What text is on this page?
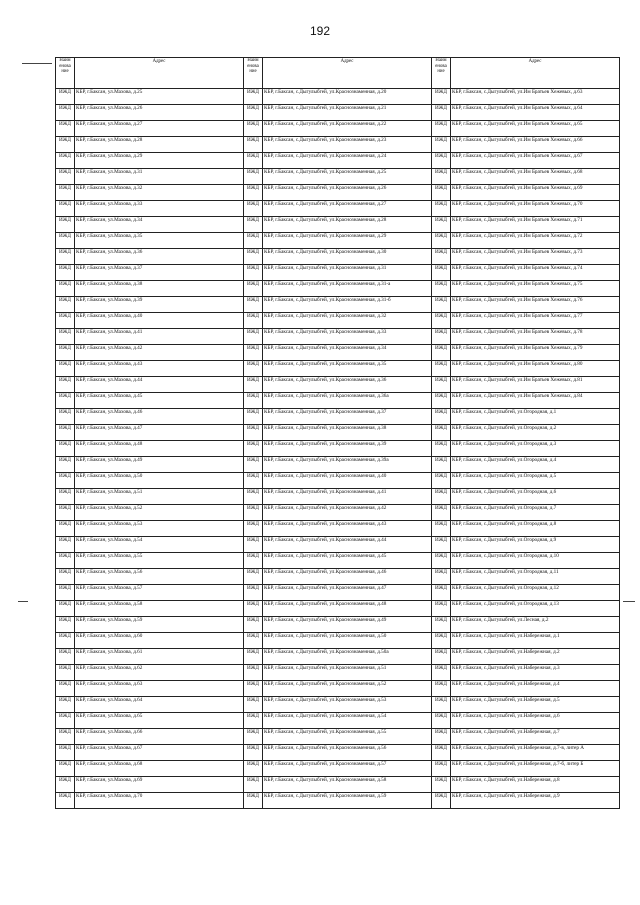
192
Наим енова ние	Адрес	Наим енова ние	Адрес	Наим енова ние	Адрес
ИЖД	КБР, г.Баксан, ул.Махова, д.25	ИЖД	КБР, г.Баксан, с.Дыгулыбгей, ул.Краснознаменная, д.20	ИЖД	КБР, г.Баксан, с.Дыгулыбгей, ул.Им Братьев Хежевых, д.63
ИЖД	КБР, г.Баксан, ул.Махова, д.26	ИЖД	КБР, г.Баксан, с.Дыгулыбгей, ул.Краснознаменная, д.21	ИЖД	КБР, г.Баксан, с.Дыгулыбгей, ул.Им Братьев Хежевых, д.64
ИЖД	КБР, г.Баксан, ул.Махова, д.27	ИЖД	КБР, г.Баксан, с.Дыгулыбгей, ул.Краснознаменная, д.22	ИЖД	КБР, г.Баксан, с.Дыгулыбгей, ул.Им Братьев Хежевых, д.65
ИЖД	КБР, г.Баксан, ул.Махова, д.28	ИЖД	КБР, г.Баксан, с.Дыгулыбгей, ул.Краснознаменная, д.23	ИЖД	КБР, г.Баксан, с.Дыгулыбгей, ул.Им Братьев Хежевых, д.66
ИЖД	КБР, г.Баксан, ул.Махова, д.29	ИЖД	КБР, г.Баксан, с.Дыгулыбгей, ул.Краснознаменная, д.24	ИЖД	КБР, г.Баксан, с.Дыгулыбгей, ул.Им Братьев Хежевых, д.67
ИЖД	КБР, г.Баксан, ул.Махова, д.31	ИЖД	КБР, г.Баксан, с.Дыгулыбгей, ул.Краснознаменная, д.25	ИЖД	КБР, г.Баксан, с.Дыгулыбгей, ул.Им Братьев Хежевых, д.68
ИЖД	КБР, г.Баксан, ул.Махова, д.32	ИЖД	КБР, г.Баксан, с.Дыгулыбгей, ул.Краснознаменная, д.26	ИЖД	КБР, г.Баксан, с.Дыгулыбгей, ул.Им Братьев Хежевых, д.69
ИЖД	КБР, г.Баксан, ул.Махова, д.33	ИЖД	КБР, г.Баксан, с.Дыгулыбгей, ул.Краснознаменная, д.27	ИЖД	КБР, г.Баксан, с.Дыгулыбгей, ул.Им Братьев Хежевых, д.70
ИЖД	КБР, г.Баксан, ул.Махова, д.34	ИЖД	КБР, г.Баксан, с.Дыгулыбгей, ул.Краснознаменная, д.28	ИЖД	КБР, г.Баксан, с.Дыгулыбгей, ул.Им Братьев Хежевых, д.71
ИЖД	КБР, г.Баксан, ул.Махова, д.35	ИЖД	КБР, г.Баксан, с.Дыгулыбгей, ул.Краснознаменная, д.29	ИЖД	КБР, г.Баксан, с.Дыгулыбгей, ул.Им Братьев Хежевых, д.72
ИЖД	КБР, г.Баксан, ул.Махова, д.36	ИЖД	КБР, г.Баксан, с.Дыгулыбгей, ул.Краснознаменная, д.30	ИЖД	КБР, г.Баксан, с.Дыгулыбгей, ул.Им Братьев Хежевых, д.73
ИЖД	КБР, г.Баксан, ул.Махова, д.37	ИЖД	КБР, г.Баксан, с.Дыгулыбгей, ул.Краснознаменная, д.31	ИЖД	КБР, г.Баксан, с.Дыгулыбгей, ул.Им Братьев Хежевых, д.74
ИЖД	КБР, г.Баксан, ул.Махова, д.38	ИЖД	КБР, г.Баксан, с.Дыгулыбгей, ул.Краснознаменная, д.31-а	ИЖД	КБР, г.Баксан, с.Дыгулыбгей, ул.Им Братьев Хежевых, д.75
ИЖД	КБР, г.Баксан, ул.Махова, д.39	ИЖД	КБР, г.Баксан, с.Дыгулыбгей, ул.Краснознаменная, д.31-б	ИЖД	КБР, г.Баксан, с.Дыгулыбгей, ул.Им Братьев Хежевых, д.76
ИЖД	КБР, г.Баксан, ул.Махова, д.40	ИЖД	КБР, г.Баксан, с.Дыгулыбгей, ул.Краснознаменная, д.32	ИЖД	КБР, г.Баксан, с.Дыгулыбгей, ул.Им Братьев Хежевых, д.77
ИЖД	КБР, г.Баксан, ул.Махова, д.41	ИЖД	КБР, г.Баксан, с.Дыгулыбгей, ул.Краснознаменная, д.33	ИЖД	КБР, г.Баксан, с.Дыгулыбгей, ул.Им Братьев Хежевых, д.78
ИЖД	КБР, г.Баксан, ул.Махова, д.42	ИЖД	КБР, г.Баксан, с.Дыгулыбгей, ул.Краснознаменная, д.34	ИЖД	КБР, г.Баксан, с.Дыгулыбгей, ул.Им Братьев Хежевых, д.79
ИЖД	КБР, г.Баксан, ул.Махова, д.43	ИЖД	КБР, г.Баксан, с.Дыгулыбгей, ул.Краснознаменная, д.35	ИЖД	КБР, г.Баксан, с.Дыгулыбгей, ул.Им Братьев Хежевых, д.80
ИЖД	КБР, г.Баксан, ул.Махова, д.44	ИЖД	КБР, г.Баксан, с.Дыгулыбгей, ул.Краснознаменная, д.36	ИЖД	КБР, г.Баксан, с.Дыгулыбгей, ул.Им Братьев Хежевых, д.81
ИЖД	КБР, г.Баксан, ул.Махова, д.45	ИЖД	КБР, г.Баксан, с.Дыгулыбгей, ул.Краснознаменная, д.36а	ИЖД	КБР, г.Баксан, с.Дыгулыбгей, ул.Им Братьев Хежевых, д.84
ИЖД	КБР, г.Баксан, ул.Махова, д.46	ИЖД	КБР, г.Баксан, с.Дыгулыбгей, ул.Краснознаменная, д.37	ИЖД	КБР, г.Баксан, с.Дыгулыбгей, ул.Огородная, д.1
ИЖД	КБР, г.Баксан, ул.Махова, д.47	ИЖД	КБР, г.Баксан, с.Дыгулыбгей, ул.Краснознаменная, д.38	ИЖД	КБР, г.Баксан, с.Дыгулыбгей, ул.Огородная, д.2
ИЖД	КБР, г.Баксан, ул.Махова, д.48	ИЖД	КБР, г.Баксан, с.Дыгулыбгей, ул.Краснознаменная, д.39	ИЖД	КБР, г.Баксан, с.Дыгулыбгей, ул.Огородная, д.3
ИЖД	КБР, г.Баксан, ул.Махова, д.49	ИЖД	КБР, г.Баксан, с.Дыгулыбгей, ул.Краснознаменная, д.39а	ИЖД	КБР, г.Баксан, с.Дыгулыбгей, ул.Огородная, д.4
ИЖД	КБР, г.Баксан, ул.Махова, д.50	ИЖД	КБР, г.Баксан, с.Дыгулыбгей, ул.Краснознаменная, д.40	ИЖД	КБР, г.Баксан, с.Дыгулыбгей, ул.Огородная, д.5
ИЖД	КБР, г.Баксан, ул.Махова, д.51	ИЖД	КБР, г.Баксан, с.Дыгулыбгей, ул.Краснознаменная, д.41	ИЖД	КБР, г.Баксан, с.Дыгулыбгей, ул.Огородная, д.6
ИЖД	КБР, г.Баксан, ул.Махова, д.52	ИЖД	КБР, г.Баксан, с.Дыгулыбгей, ул.Краснознаменная, д.42	ИЖД	КБР, г.Баксан, с.Дыгулыбгей, ул.Огородная, д.7
ИЖД	КБР, г.Баксан, ул.Махова, д.53	ИЖД	КБР, г.Баксан, с.Дыгулыбгей, ул.Краснознаменная, д.43	ИЖД	КБР, г.Баксан, с.Дыгулыбгей, ул.Огородная, д.8
ИЖД	КБР, г.Баксан, ул.Махова, д.54	ИЖД	КБР, г.Баксан, с.Дыгулыбгей, ул.Краснознаменная, д.44	ИЖД	КБР, г.Баксан, с.Дыгулыбгей, ул.Огородная, д.9
ИЖД	КБР, г.Баксан, ул.Махова, д.55	ИЖД	КБР, г.Баксан, с.Дыгулыбгей, ул.Краснознаменная, д.45	ИЖД	КБР, г.Баксан, с.Дыгулыбгей, ул.Огородная, д.10
ИЖД	КБР, г.Баксан, ул.Махова, д.56	ИЖД	КБР, г.Баксан, с.Дыгулыбгей, ул.Краснознаменная, д.46	ИЖД	КБР, г.Баксан, с.Дыгулыбгей, ул.Огородная, д.11
ИЖД	КБР, г.Баксан, ул.Махова, д.57	ИЖД	КБР, г.Баксан, с.Дыгулыбгей, ул.Краснознаменная, д.47	ИЖД	КБР, г.Баксан, с.Дыгулыбгей, ул.Огородная, д.12
ИЖД	КБР, г.Баксан, ул.Махова, д.58	ИЖД	КБР, г.Баксан, с.Дыгулыбгей, ул.Краснознаменная, д.48	ИЖД	КБР, г.Баксан, с.Дыгулыбгей, ул.Огородная, д.13
ИЖД	КБР, г.Баксан, ул.Махова, д.59	ИЖД	КБР, г.Баксан, с.Дыгулыбгей, ул.Краснознаменная, д.49	ИЖД	КБР, г.Баксан, с.Дыгулыбгей, ул.Лесная, д.2
ИЖД	КБР, г.Баксан, ул.Махова, д.60	ИЖД	КБР, г.Баксан, с.Дыгулыбгей, ул.Краснознаменная, д.50	ИЖД	КБР, г.Баксан, с.Дыгулыбгей, ул.Набережная, д.1
ИЖД	КБР, г.Баксан, ул.Махова, д.61	ИЖД	КБР, г.Баксан, с.Дыгулыбгей, ул.Краснознаменная, д.50а	ИЖД	КБР, г.Баксан, с.Дыгулыбгей, ул.Набережная, д.2
ИЖД	КБР, г.Баксан, ул.Махова, д.62	ИЖД	КБР, г.Баксан, с.Дыгулыбгей, ул.Краснознаменная, д.51	ИЖД	КБР, г.Баксан, с.Дыгулыбгей, ул.Набережная, д.3
ИЖД	КБР, г.Баксан, ул.Махова, д.63	ИЖД	КБР, г.Баксан, с.Дыгулыбгей, ул.Краснознаменная, д.52	ИЖД	КБР, г.Баксан, с.Дыгулыбгей, ул.Набережная, д.4
ИЖД	КБР, г.Баксан, ул.Махова, д.64	ИЖД	КБР, г.Баксан, с.Дыгулыбгей, ул.Краснознаменная, д.53	ИЖД	КБР, г.Баксан, с.Дыгулыбгей, ул.Набережная, д.5
ИЖД	КБР, г.Баксан, ул.Махова, д.65	ИЖД	КБР, г.Баксан, с.Дыгулыбгей, ул.Краснознаменная, д.54	ИЖД	КБР, г.Баксан, с.Дыгулыбгей, ул.Набережная, д.6
ИЖД	КБР, г.Баксан, ул.Махова, д.66	ИЖД	КБР, г.Баксан, с.Дыгулыбгей, ул.Краснознаменная, д.55	ИЖД	КБР, г.Баксан, с.Дыгулыбгей, ул.Набережная, д.7
ИЖД	КБР, г.Баксан, ул.Махова, д.67	ИЖД	КБР, г.Баксан, с.Дыгулыбгей, ул.Краснознаменная, д.56	ИЖД	КБР, г.Баксан, с.Дыгулыбгей, ул.Набережная, д.7-в, литер А
ИЖД	КБР, г.Баксан, ул.Махова, д.68	ИЖД	КБР, г.Баксан, с.Дыгулыбгей, ул.Краснознаменная, д.57	ИЖД	КБР, г.Баксан, с.Дыгулыбгей, ул.Набережная, д.7-б, литер Б
ИЖД	КБР, г.Баксан, ул.Махова, д.69	ИЖД	КБР, г.Баксан, с.Дыгулыбгей, ул.Краснознаменная, д.58	ИЖД	КБР, г.Баксан, с.Дыгулыбгей, ул.Набережная, д.8
ИЖД	КБР, г.Баксан, ул.Махова, д.70	ИЖД	КБР, г.Баксан, с.Дыгулыбгей, ул.Краснознаменная, д.59	ИЖД	КБР, г.Баксан, с.Дыгулыбгей, ул.Набережная, д.9
